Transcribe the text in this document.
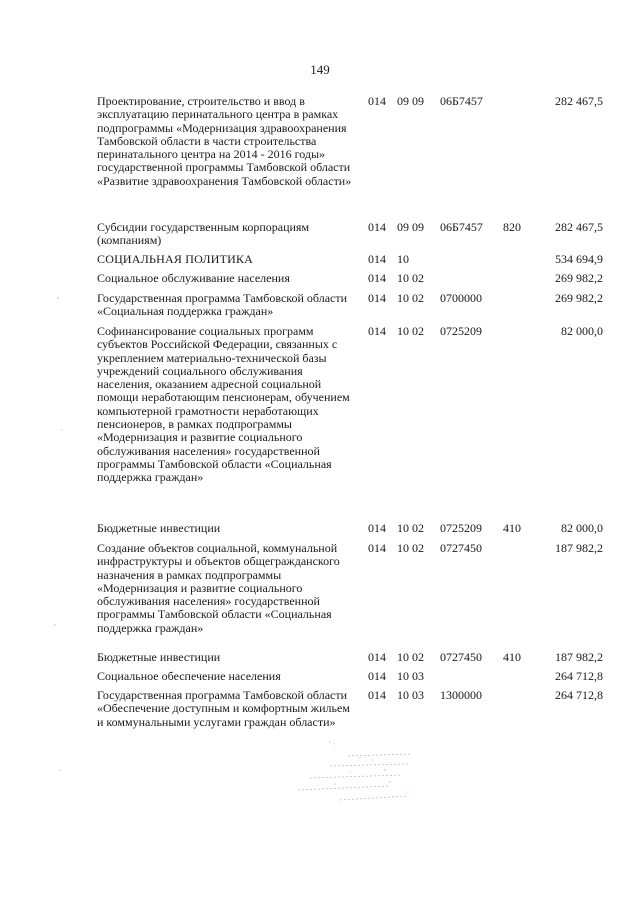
149
Проектирование, строительство и ввод в эксплуатацию перинатального центра в рамках подпрограммы «Модернизация здравоохранения Тамбовской области в части строительства перинатального центра на 2014 - 2016 годы» государственной программы Тамбовской области «Развитие здравоохранения Тамбовской области»
014 09 09 06Б7457	282 467,5
Субсидии государственным корпорациям (компаниям)
014 09 09 06Б7457 820	282 467,5
СОЦИАЛЬНАЯ ПОЛИТИКА	014 10	534 694,9
Социальное обслуживание населения	014 10 02	269 982,2
Государственная программа Тамбовской области «Социальная поддержка граждан»
014 10 02 0700000	269 982,2
Софинансирование социальных программ субъектов Российской Федерации, связанных с укреплением материально-технической базы учреждений социального обслуживания населения, оказанием адресной социальной помощи неработающим пенсионерам, обучением компьютерной грамотности неработающих пенсионеров, в рамках подпрограммы «Модернизация и развитие социального обслуживания населения» государственной программы Тамбовской области «Социальная поддержка граждан»
014 10 02 0725209	82 000,0
Бюджетные инвестиции	014 10 02 0725209 410	82 000,0
Создание объектов социальной, коммунальной инфраструктуры и объектов общегражданского назначения в рамках подпрограммы «Модернизация и развитие социального обслуживания населения» государственной программы Тамбовской области «Социальная поддержка граждан»
014 10 02 0727450	187 982,2
Бюджетные инвестиции	014 10 02 0727450 410	187 982,2
Социальное обеспечение населения	014 10 03	264 712,8
Государственная программа Тамбовской области «Обеспечение доступным и комфортным жильем и коммунальными услугами граждан области»
014 10 03 1300000	264 712,8
